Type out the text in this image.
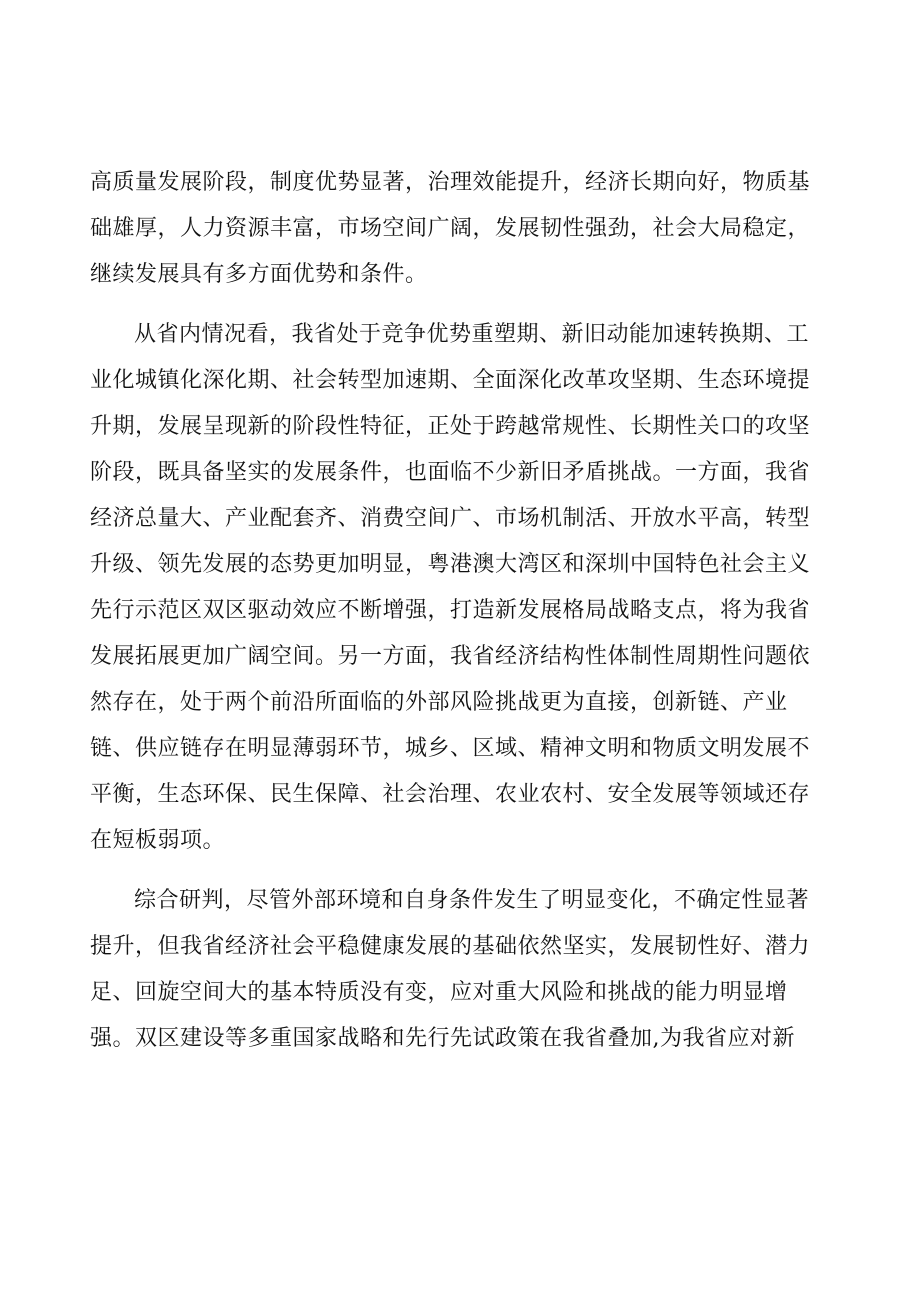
高质量发展阶段，制度优势显著，治理效能提升，经济长期向好，物质基
础雄厚，人力资源丰富，市场空间广阔，发展韧性强劲，社会大局稳定，
继续发展具有多方面优势和条件。
从省内情况看，我省处于竞争优势重塑期、新旧动能加速转换期、工
业化城镇化深化期、社会转型加速期、全面深化改革攻坚期、生态环境提
升期，发展呈现新的阶段性特征，正处于跨越常规性、长期性关口的攻坚
阶段，既具备坚实的发展条件，也面临不少新旧矛盾挑战。一方面，我省
经济总量大、产业配套齐、消费空间广、市场机制活、开放水平高，转型
升级、领先发展的态势更加明显，粤港澳大湾区和深圳中国特色社会主义
先行示范区双区驱动效应不断增强，打造新发展格局战略支点，将为我省
发展拓展更加广阔空间。另一方面，我省经济结构性体制性周期性问题依
然存在，处于两个前沿所面临的外部风险挑战更为直接，创新链、产业
链、供应链存在明显薄弱环节，城乡、区域、精神文明和物质文明发展不
平衡，生态环保、民生保障、社会治理、农业农村、安全发展等领域还存
在短板弱项。
综合研判，尽管外部环境和自身条件发生了明显变化，不确定性显著
提升，但我省经济社会平稳健康发展的基础依然坚实，发展韧性好、潜力
足、回旋空间大的基本特质没有变，应对重大风险和挑战的能力明显增
强。双区建设等多重国家战略和先行先试政策在我省叠加,为我省应对新
